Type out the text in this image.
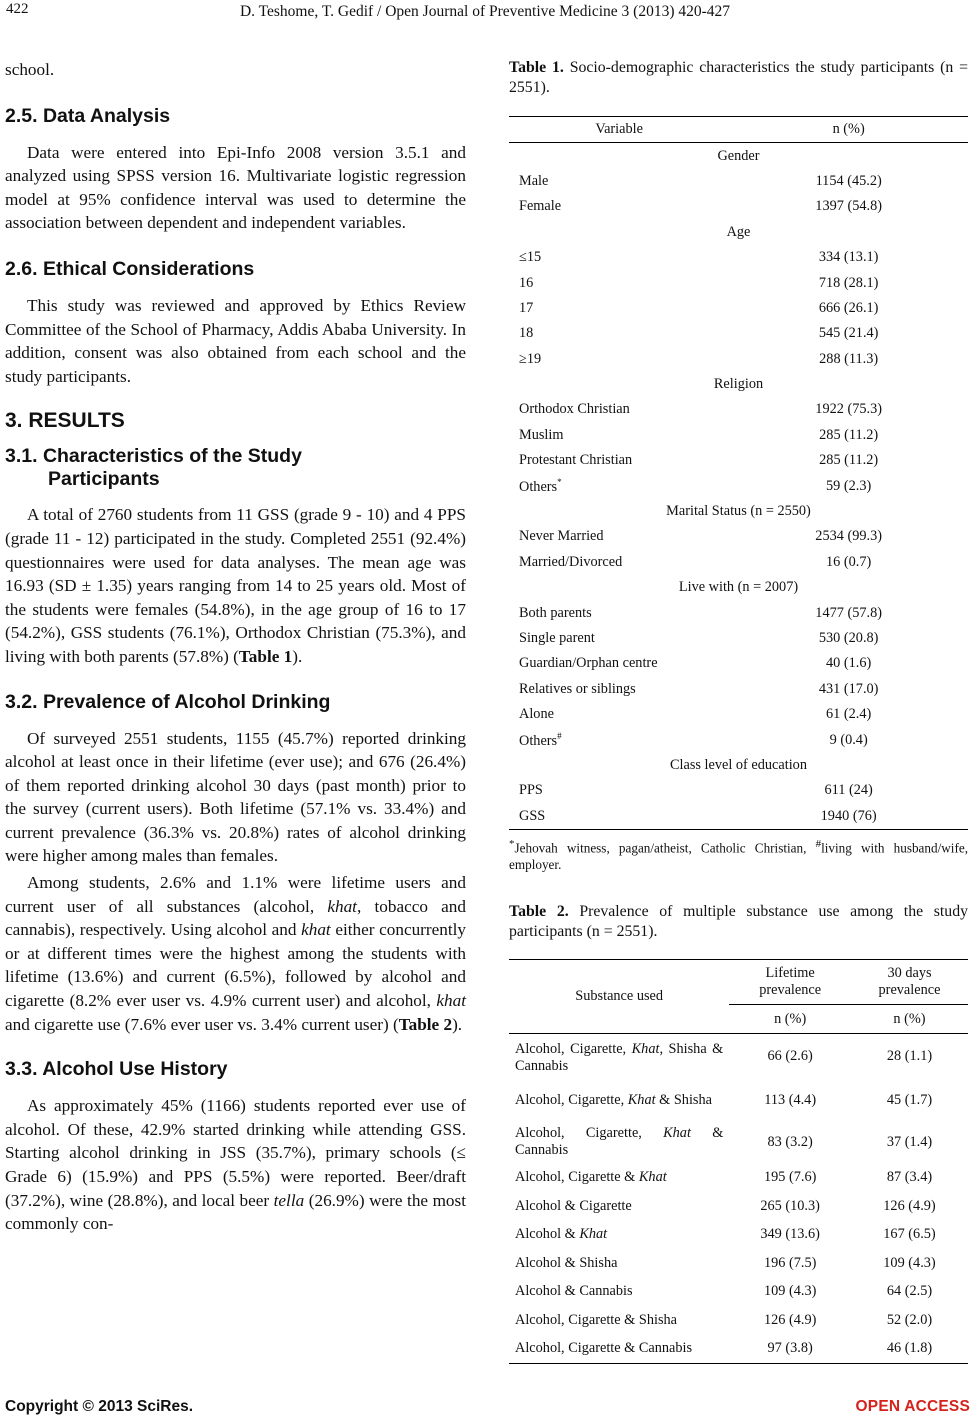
422	D. Teshome, T. Gedif / Open Journal of Preventive Medicine 3 (2013) 420-427

school.

2.5. Data Analysis

Data were entered into Epi-Info 2008 version 3.5.1 and analyzed using SPSS version 16. Multivariate logistic regression model at 95% confidence interval was used to determine the association between dependent and independent variables.

2.6. Ethical Considerations

This study was reviewed and approved by Ethics Review Committee of the School of Pharmacy, Addis Ababa University. In addition, consent was also obtained from each school and the study participants.

3. RESULTS
3.1. Characteristics of the Study
Participants

A total of 2760 students from 11 GSS (grade 9 - 10) and 4 PPS (grade 11 - 12) participated in the study. Completed 2551 (92.4%) questionnaires were used for data analyses. The mean age was 16.93 (SD ± 1.35) years ranging from 14 to 25 years old. Most of the students were females (54.8%), in the age group of 16 to 17 (54.2%), GSS students (76.1%), Orthodox Christian (75.3%), and living with both parents (57.8%) (Table 1).

3.2. Prevalence of Alcohol Drinking

Of surveyed 2551 students, 1155 (45.7%) reported drinking alcohol at least once in their lifetime (ever use); and 676 (26.4%) of them reported drinking alcohol 30 days (past month) prior to the survey (current users). Both lifetime (57.1% vs. 33.4%) and current prevalence (36.3% vs. 20.8%) rates of alcohol drinking were higher among males than females.

Among students, 2.6% and 1.1% were lifetime users and current user of all substances (alcohol, khat, tobacco and cannabis), respectively. Using alcohol and khat either concurrently or at different times were the highest among the students with lifetime (13.6%) and current (6.5%), followed by alcohol and cigarette (8.2% ever user vs. 4.9% current user) and alcohol, khat and cigarette use (7.6% ever user vs. 3.4% current user) (Table 2).

3.3. Alcohol Use History

As approximately 45% (1166) students reported ever use of alcohol. Of these, 42.9% started drinking while attending GSS. Starting alcohol drinking in JSS (35.7%), primary schools (≤ Grade 6) (15.9%) and PPS (5.5%) were reported. Beer/draft (37.2%), wine (28.8%), and local beer tella (26.9%) were the most commonly con-

Table 1. Socio-demographic characteristics the study participants (n = 2551).

Variable	n (%)
Gender	
Male	1154 (45.2)
Female	1397 (54.8)
Age	
≤15	334 (13.1)
16	718 (28.1)
17	666 (26.1)
18	545 (21.4)
≥19	288 (11.3)
Religion	
Orthodox Christian	1922 (75.3)
Muslim	285 (11.2)
Protestant Christian	285 (11.2)
Others*	59 (2.3)
Marital Status (n = 2550)	
Never Married	2534 (99.3)
Married/Divorced	16 (0.7)
Live with (n = 2007)	
Both parents	1477 (57.8)
Single parent	530 (20.8)
Guardian/Orphan centre	40 (1.6)
Relatives or siblings	431 (17.0)
Alone	61 (2.4)
Others#	9 (0.4)
Class level of education	
PPS	611 (24)
GSS	1940 (76)

*Jehovah witness, pagan/atheist, Catholic Christian, #living with husband/wife, employer.

Table 2. Prevalence of multiple substance use among the study participants (n = 2551).

Substance used	Lifetime prevalence	30 days prevalence
	n (%)	n (%)
Alcohol, Cigarette, Khat, Shisha & Cannabis	66 (2.6)	28 (1.1)
Alcohol, Cigarette, Khat & Shisha	113 (4.4)	45 (1.7)
Alcohol, Cigarette, Khat & Cannabis	83 (3.2)	37 (1.4)
Alcohol, Cigarette & Khat	195 (7.6)	87 (3.4)
Alcohol & Cigarette	265 (10.3)	126 (4.9)
Alcohol & Khat	349 (13.6)	167 (6.5)
Alcohol & Shisha	196 (7.5)	109 (4.3)
Alcohol & Cannabis	109 (4.3)	64 (2.5)
Alcohol, Cigarette & Shisha	126 (4.9)	52 (2.0)
Alcohol, Cigarette & Cannabis	97 (3.8)	46 (1.8)
Copyright © 2013 SciRes.	OPEN ACCESS
